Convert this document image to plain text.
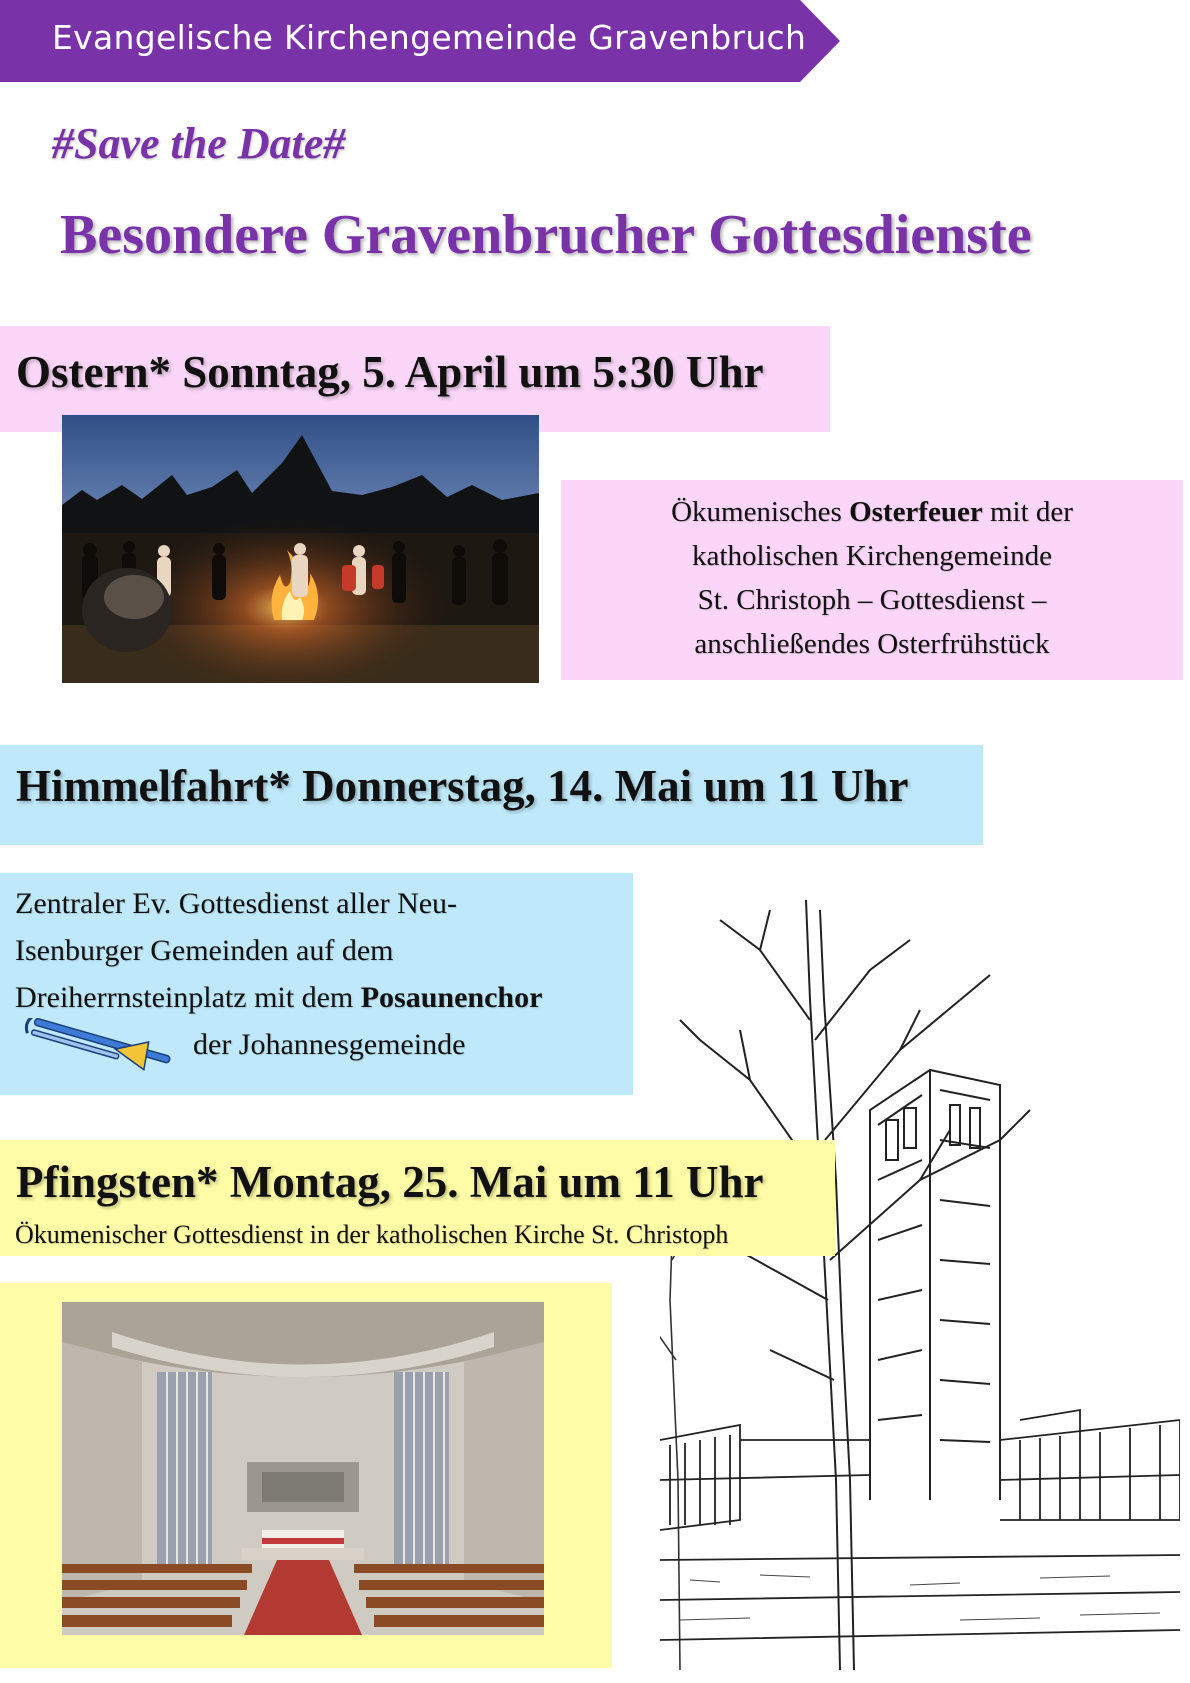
Evangelische Kirchengemeinde Gravenbruch
#Save the Date#
Besondere Gravenbrucher Gottesdienste
Ostern* Sonntag, 5. April um 5:30 Uhr
Ökumenisches Osterfeuer mit der
katholischen Kirchengemeinde
St. Christoph – Gottesdienst –
anschließendes Osterfrühstück
Himmelfahrt* Donnerstag, 14. Mai um 11 Uhr
Zentraler Ev. Gottesdienst aller Neu-
Isenburger Gemeinden auf dem
Dreiherrnsteinplatz mit dem Posaunenchor
der Johannesgemeinde
Pfingsten* Montag, 25. Mai um 11 Uhr
Ökumenischer Gottesdienst in der katholischen Kirche St. Christoph
